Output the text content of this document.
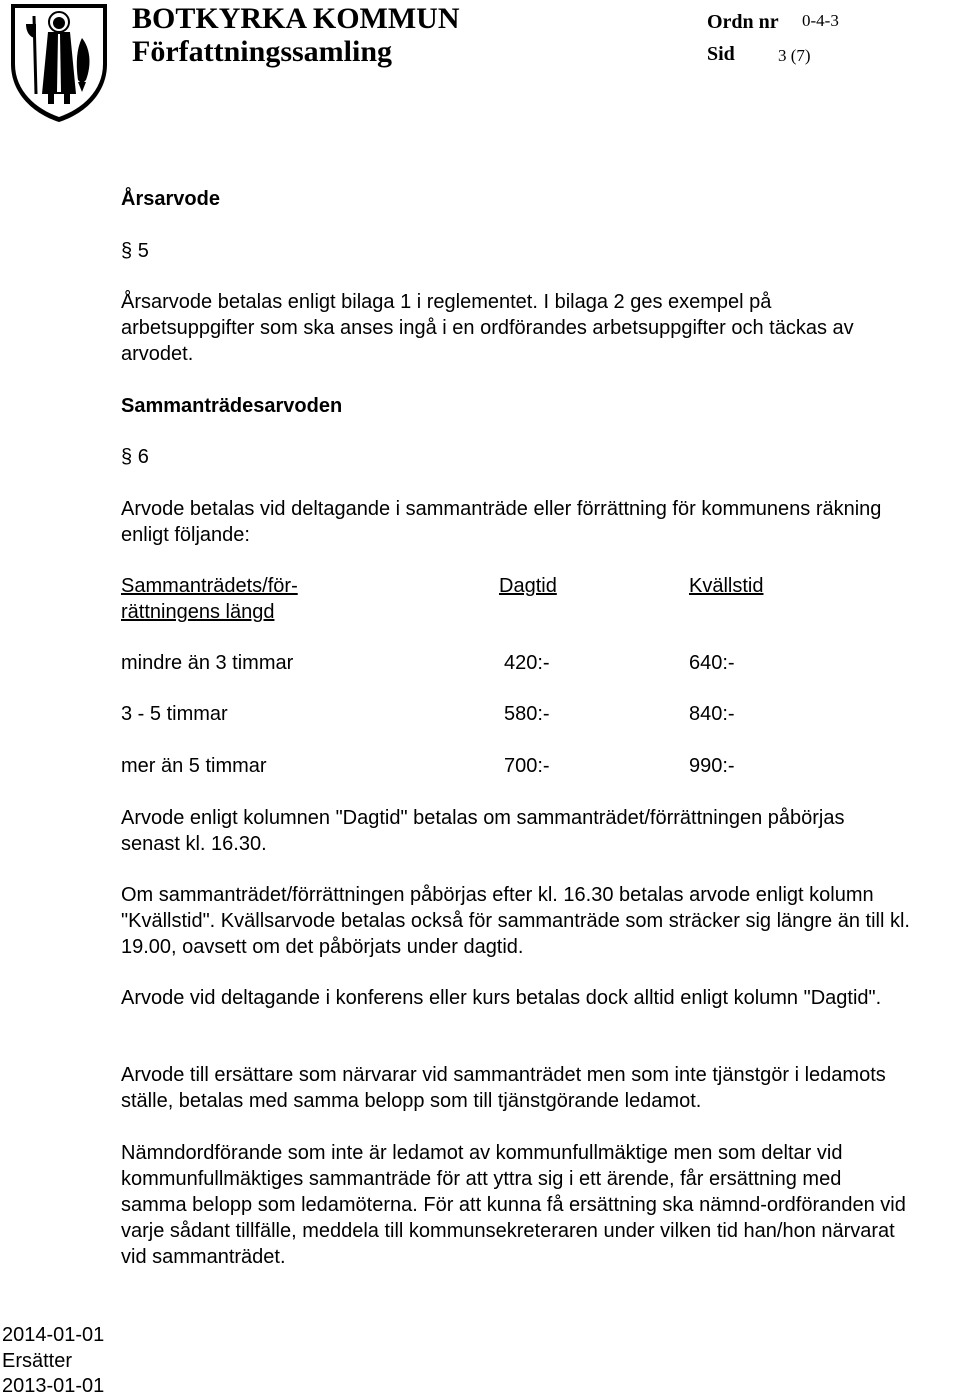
BOTKYRKA KOMMUN
Författningssamling
Ordn nr 0-4-3
Sid	3 (7)
Årsarvode
§ 5

Årsarvode betalas enligt bilaga 1 i reglementet. I bilaga 2 ges exempel på arbetsuppgifter som ska anses ingå i en ordförandes arbetsuppgifter och täckas av arvodet.

Sammanträdesarvoden
§ 6

Arvode betalas vid deltagande i sammanträde eller förrättning för kommunens räkning enligt följande:

Sammanträdets/för-
rättningens längd
Dagtid	Kvällstid
mindre än 3 timmar	420:-	640:-
3 - 5 timmar	580:-	840:-
mer än 5 timmar	700:-	990:-

Arvode enligt kolumnen "Dagtid" betalas om sammanträdet/förrättningen påbörjas senast kl. 16.30.

Om sammanträdet/förrättningen påbörjas efter kl. 16.30 betalas arvode enligt kolumn "Kvällstid". Kvällsarvode betalas också för sammanträde som sträcker sig längre än till kl. 19.00, oavsett om det påbörjats under dagtid.

Arvode vid deltagande i konferens eller kurs betalas dock alltid enligt kolumn "Dagtid".

Arvode till ersättare som närvarar vid sammanträdet men som inte tjänstgör i ledamots ställe, betalas med samma belopp som till tjänstgörande ledamot.

Nämndordförande som inte är ledamot av kommunfullmäktige men som deltar vid kommunfullmäktiges sammanträde för att yttra sig i ett ärende, får ersättning med samma belopp som ledamöterna. För att kunna få ersättning ska nämnd-ordföranden vid varje sådant tillfälle, meddela till kommunsekreteraren under vilken tid han/hon närvarat vid sammanträdet.

2014-01-01
Ersätter
2013-01-01
